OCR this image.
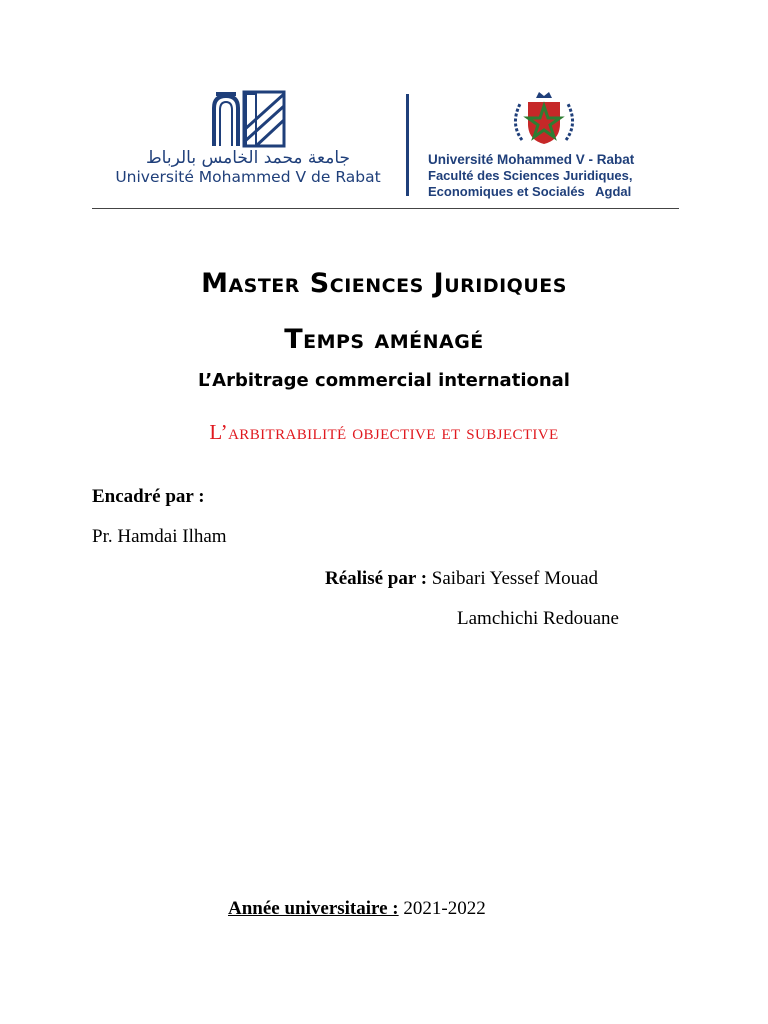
جامعة محمد الخامس بالرباط
Université Mohammed V de Rabat
Université Mohammed V - Rabat
Faculté des Sciences Juridiques,
Economiques et Socialés   Agdal
Master Sciences Juridiques
Temps aménagé
L’Arbitrage commercial international
L’arbitrabilité objective et subjective
Encadré par :
Pr. Hamdai Ilham
Réalisé par : Saibari Yessef Mouad
Lamchichi Redouane
Année universitaire : 2021-2022
